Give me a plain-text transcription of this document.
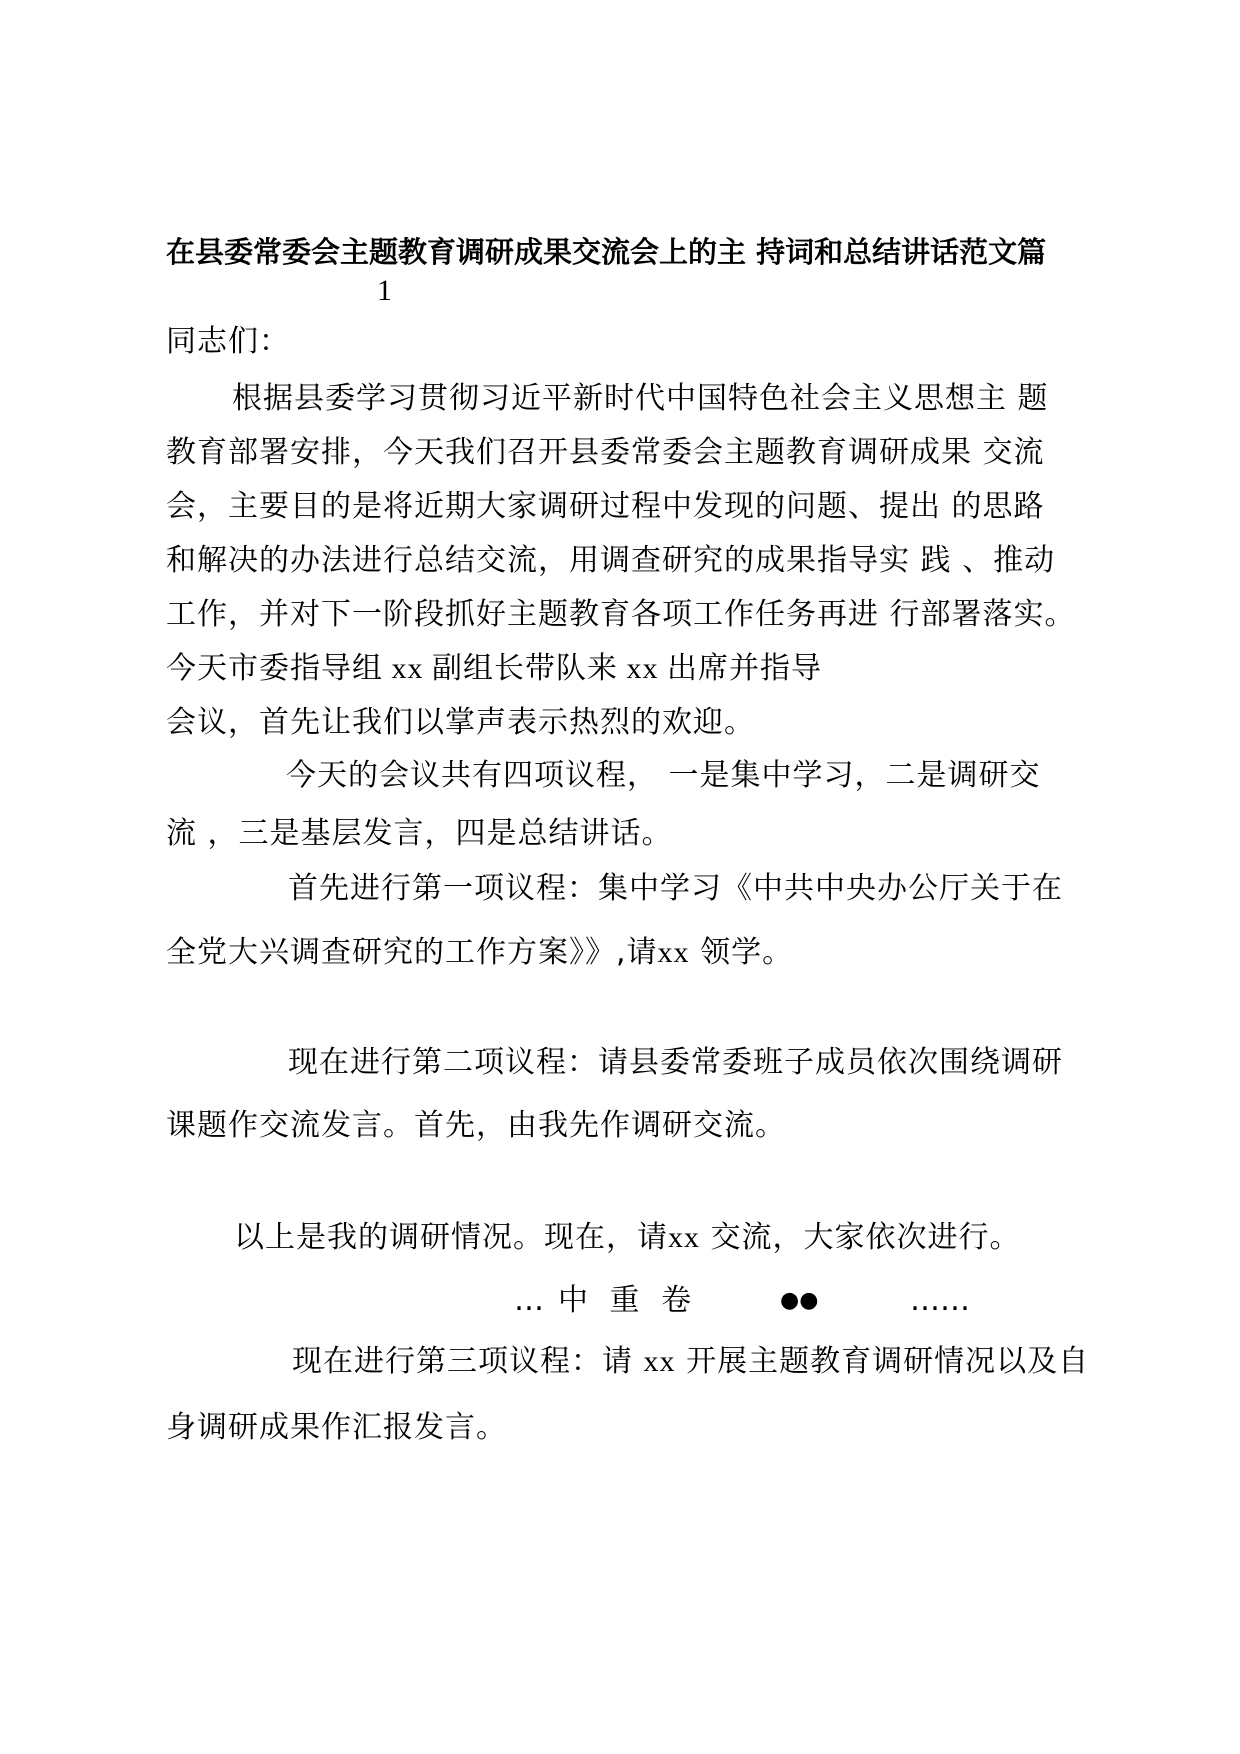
在县委常委会主题教育调研成果交流会上的主 持词和总结讲话范文篇
1
同志们：
根据县委学习贯彻习近平新时代中国特色社会主义思想主 题
教育部署安排，今天我们召开县委常委会主题教育调研成果 交流
会，主要目的是将近期大家调研过程中发现的问题、提出 的思路
和解决的办法进行总结交流，用调查研究的成果指导实 践 、推动
工作，并对下一阶段抓好主题教育各项工作任务再进 行部署落实。
今天市委指导组 xx 副组长带队来 xx 出席并指导
会议，首先让我们以掌声表示热烈的欢迎。
今天的会议共有四项议程， 一是集中学习，二是调研交
流 ，三是基层发言，四是总结讲话。
首先进行第一项议程：集中学习《中共中央办公厅关于在
全党大兴调查研究的工作方案》》,请xx 领学。
现在进行第二项议程：请县委常委班子成员依次围绕调研
课题作交流发言。首先，由我先作调研交流。
以上是我的调研情况。现在，请xx 交流，大家依次进行。
… 中 重 卷	●●	……
现在进行第三项议程：请 xx 开展主题教育调研情况以及自
身调研成果作汇报发言。
